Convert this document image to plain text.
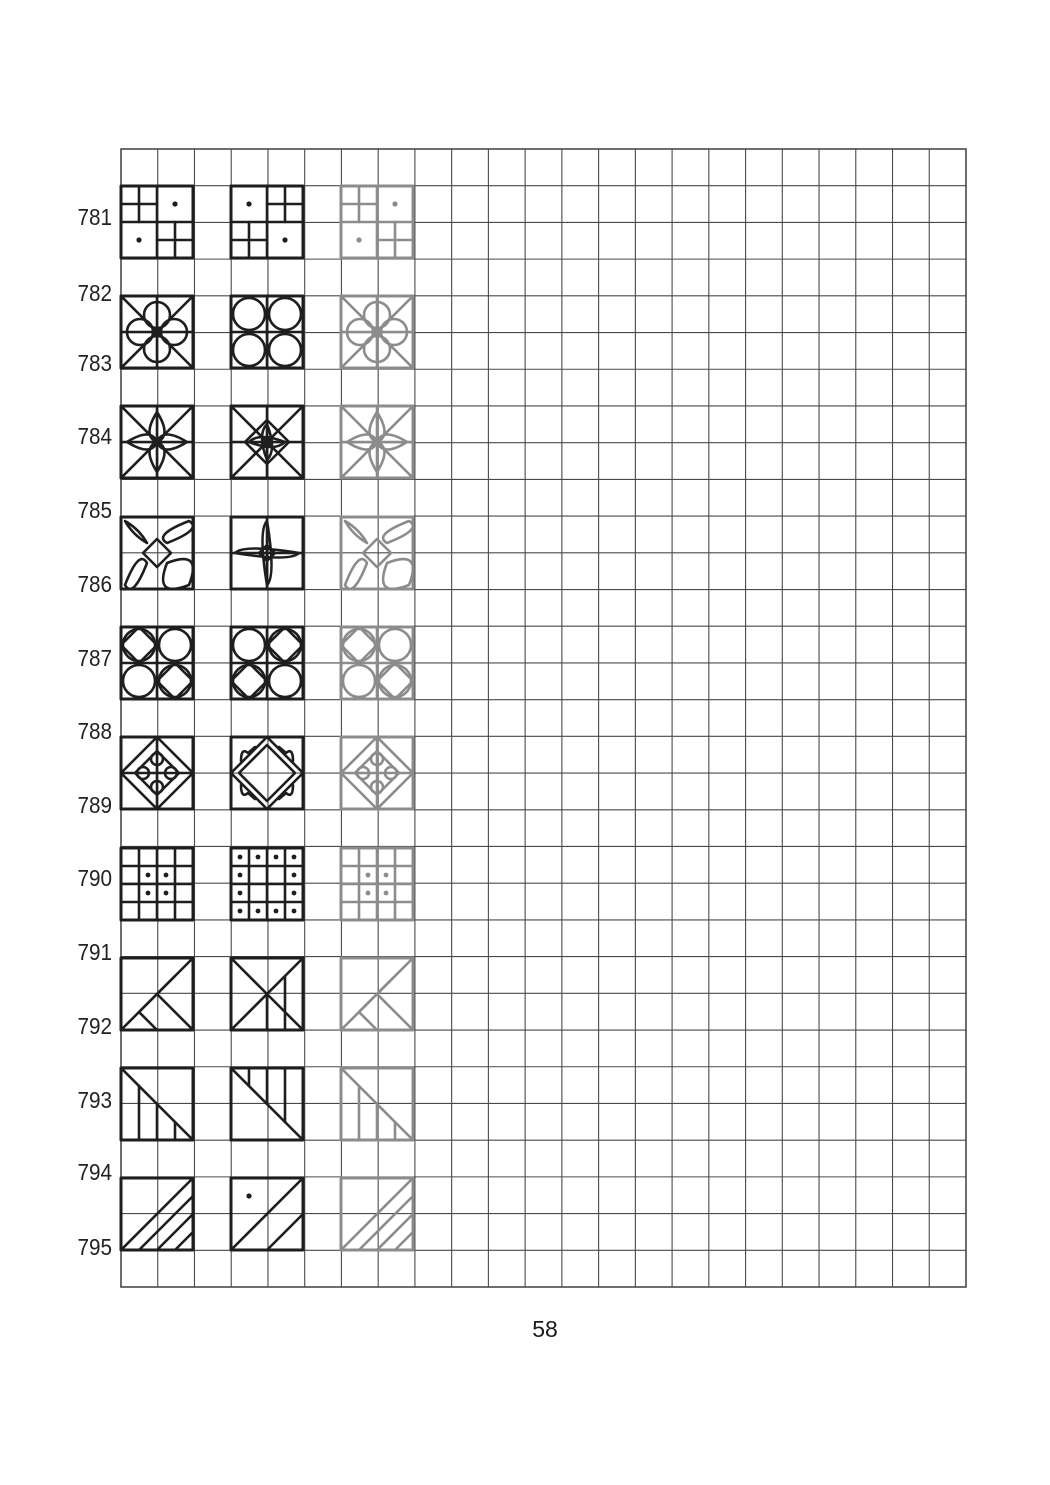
781
782
783
784
785
786
787
788
789
790
791
792
793
794
795
58
